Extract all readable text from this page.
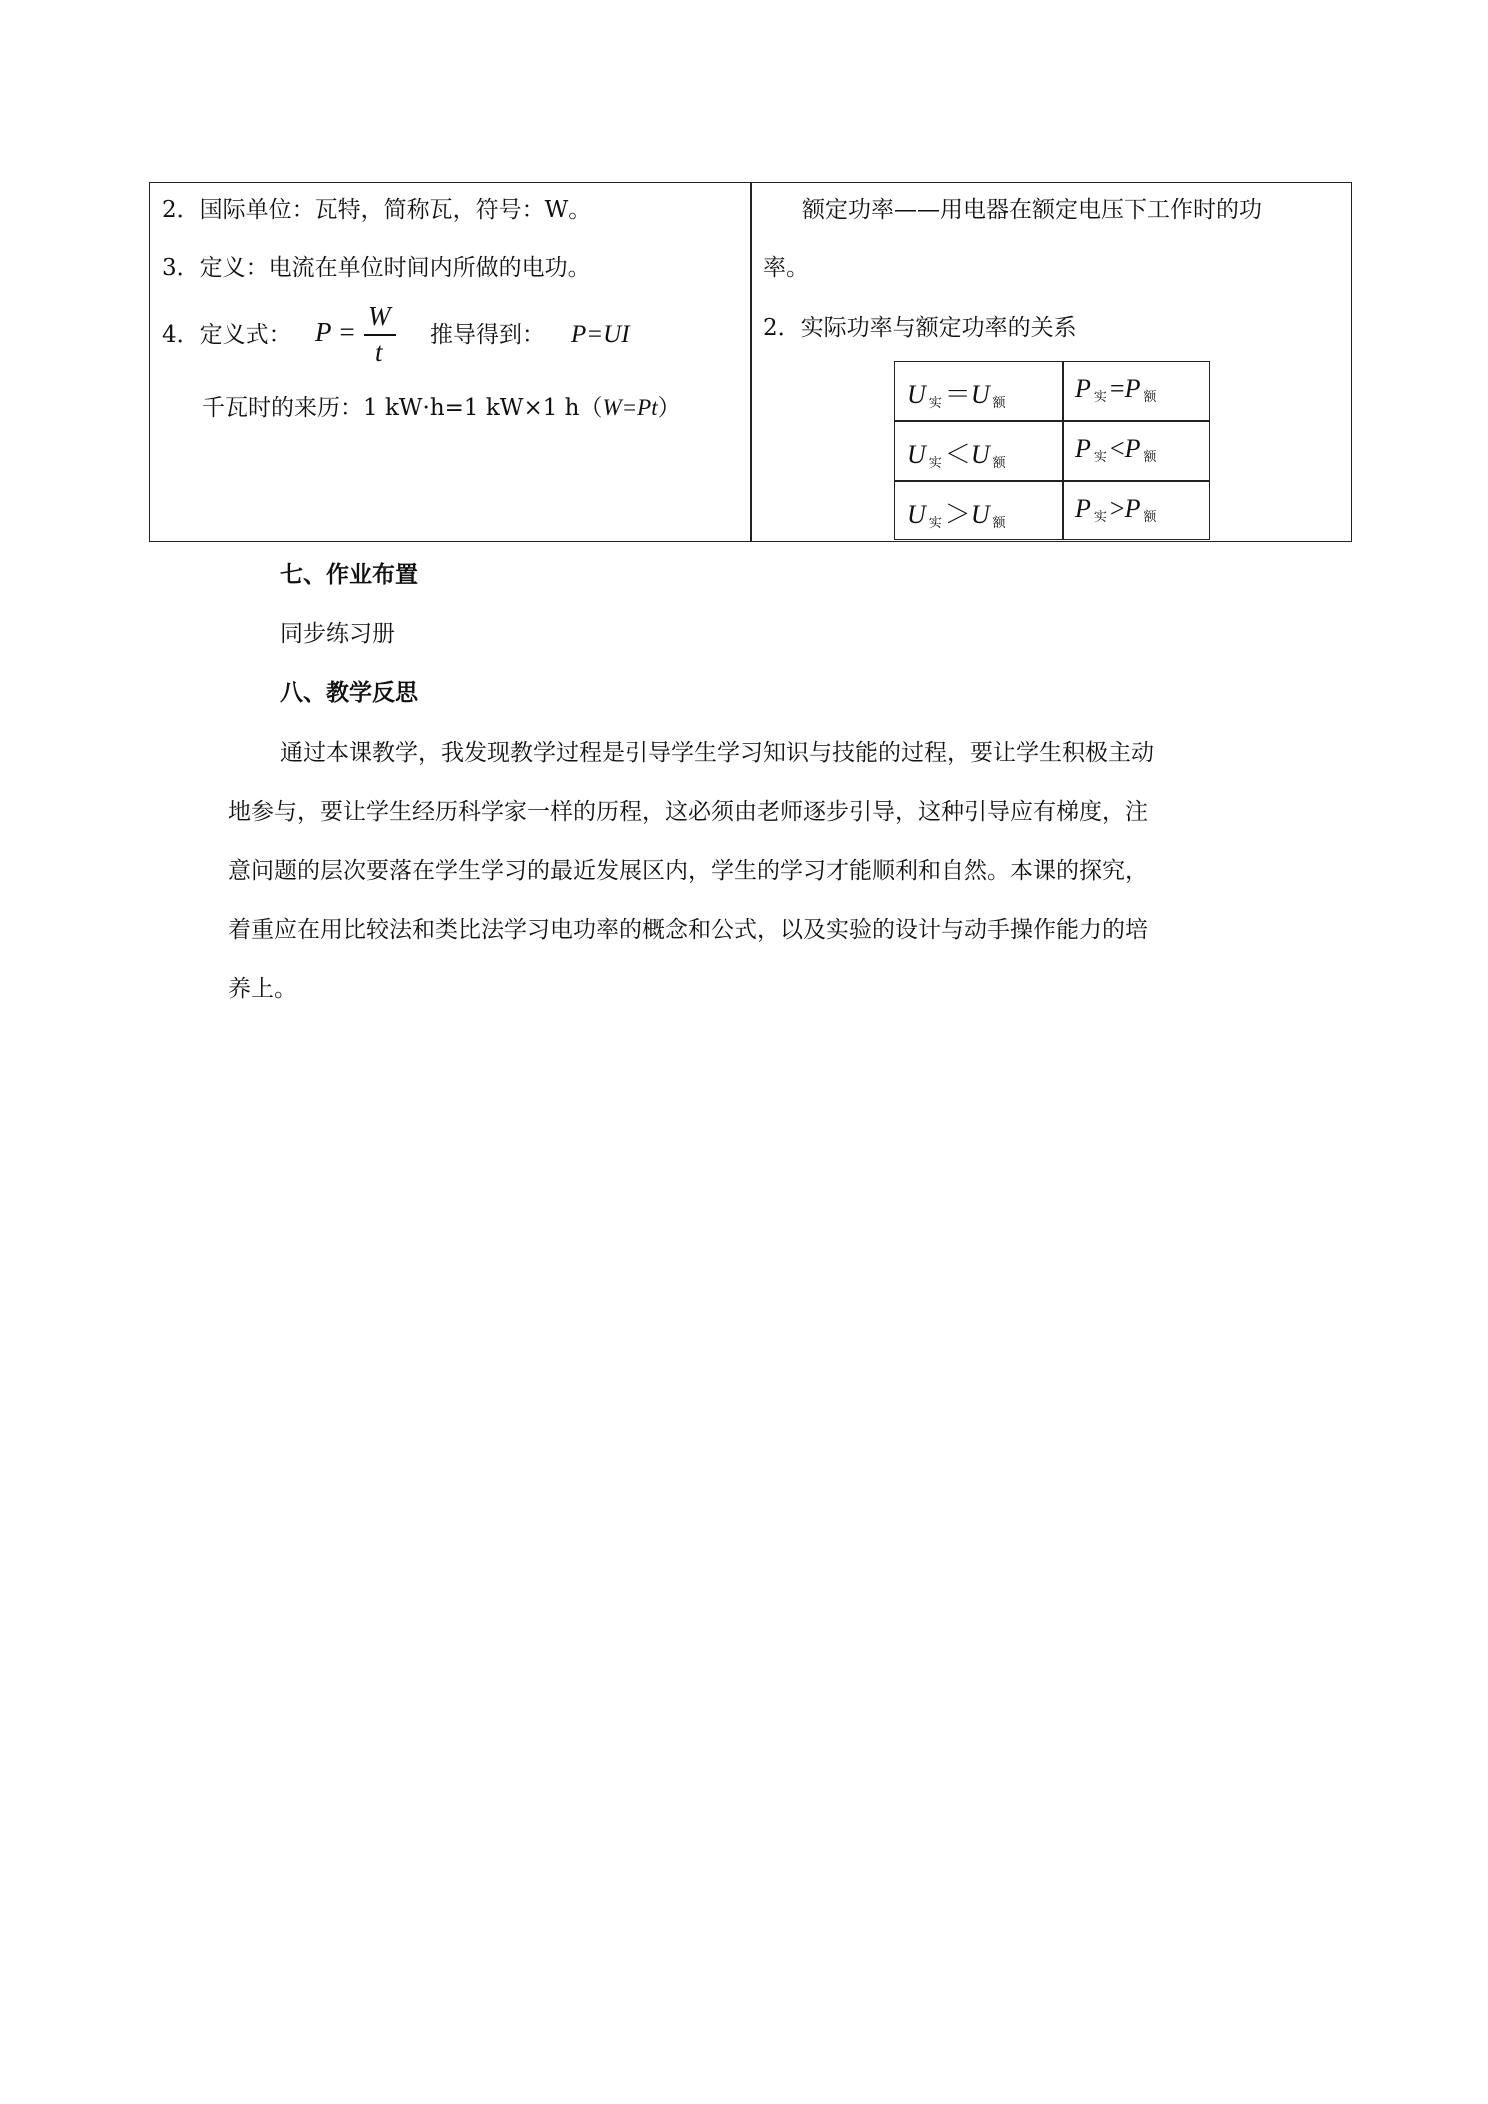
2．国际单位：瓦特，简称瓦，符号：W。
3．定义：电流在单位时间内所做的电功。
4．定义式： P =
W
t
推导得到： P=UI
千瓦时的来历：1 kW·h=1 kW×1 h（W=Pt）
额定功率——用电器在额定电压下工作时的功
率。
2．实际功率与额定功率的关系
U $_实$ ＝U $_额$
P $_实$ =P $_额$
U $_实$ ＜U $_额$
P $_实$ <P $_额$
U $_实$ ＞U $_额$
P $_实$ >P $_额$
七、作业布置
同步练习册
八、教学反思
通过本课教学，我发现教学过程是引导学生学习知识与技能的过程，要让学生积极主动
地参与，要让学生经历科学家一样的历程，这必须由老师逐步引导，这种引导应有梯度，注
意问题的层次要落在学生学习的最近发展区内，学生的学习才能顺利和自然。本课的探究，
着重应在用比较法和类比法学习电功率的概念和公式，以及实验的设计与动手操作能力的培
养上。
